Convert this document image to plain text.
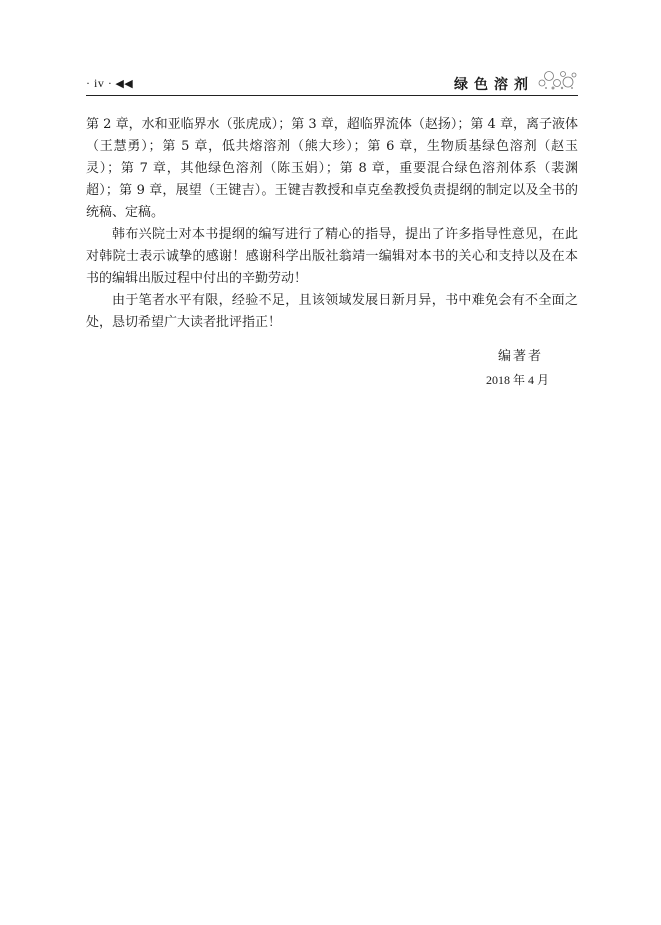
· iv · ◀◀	绿色溶剂

第 2 章，水和亚临界水（张虎成）；第 3 章，超临界流体（赵扬）；第 4 章，离子液体（王慧勇）；第 5 章，低共熔溶剂（熊大珍）；第 6 章，生物质基绿色溶剂（赵玉灵）；第 7 章，其他绿色溶剂（陈玉娟）；第 8 章，重要混合绿色溶剂体系（裴渊超）；第 9 章，展望（王键吉）。王键吉教授和卓克垒教授负责提纲的制定以及全书的统稿、定稿。

韩布兴院士对本书提纲的编写进行了精心的指导，提出了许多指导性意见，在此对韩院士表示诚挚的感谢！感谢科学出版社翁靖一编辑对本书的关心和支持以及在本书的编辑出版过程中付出的辛勤劳动！

由于笔者水平有限，经验不足，且该领域发展日新月异，书中难免会有不全面之处，恳切希望广大读者批评指正！

编著者
2018 年 4 月
